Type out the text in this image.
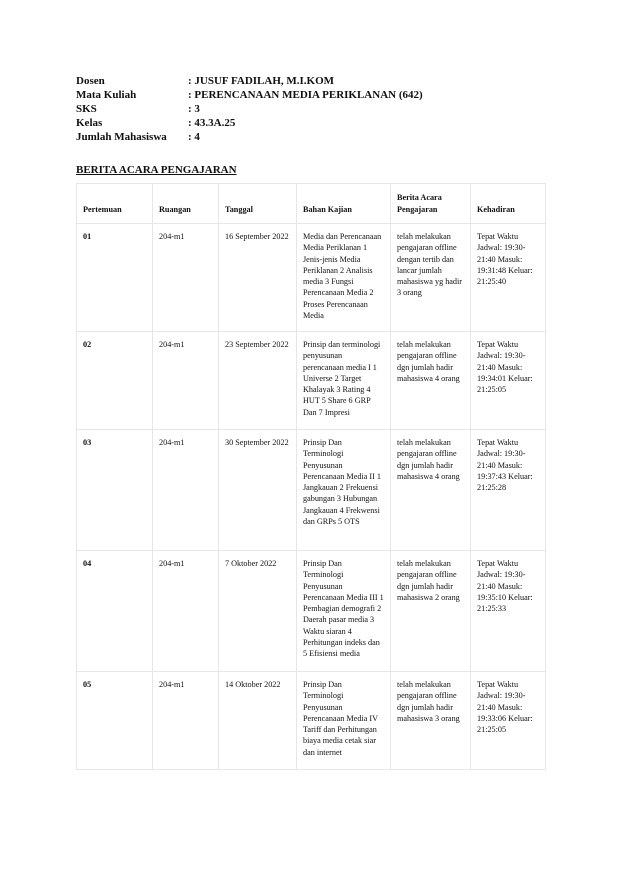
Dosen	: JUSUF FADILAH, M.I.KOM
Mata Kuliah	: PERENCANAAN MEDIA PERIKLANAN (642)
SKS	: 3
Kelas	: 43.3A.25
Jumlah Mahasiswa	: 4
BERITA ACARA PENGAJARAN
Pertemuan	Ruangan	Tanggal	Bahan Kajian	Berita Acara Pengajaran	Kehadiran
01	204-m1	16 September 2022	Media dan Perencanaan Media Periklanan 1 Jenis-jenis Media Periklanan 2 Analisis media 3 Fungsi Perencanaan Media 2 Proses Perencanaan Media	telah melakukan pengajaran offline dengan tertib dan lancar jumlah mahasiswa yg hadir 3 orang	Tepat Waktu Jadwal: 19:30-21:40 Masuk: 19:31:48 Keluar: 21:25:40
02	204-m1	23 September 2022	Prinsip dan terminologi penyusunan perencanaan media I 1 Universe 2 Target Khalayak 3 Rating 4 HUT 5 Share 6 GRP Dan 7 Impresi	telah melakukan pengajaran offline dgn jumlah hadir mahasiswa 4 orang	Tepat Waktu Jadwal: 19:30-21:40 Masuk: 19:34:01 Keluar: 21:25:05
03	204-m1	30 September 2022	Prinsip Dan Terminologi Penyusunan Perencanaan Media II 1 Jangkauan 2 Frekuensi gabungan 3 Hubungan Jangkauan 4 Frekwensi dan GRPs 5 OTS	telah melakukan pengajaran offline dgn jumlah hadir mahasiswa 4 orang	Tepat Waktu Jadwal: 19:30-21:40 Masuk: 19:37:43 Keluar: 21:25:28
04	204-m1	7 Oktober 2022	Prinsip Dan Terminologi Penyusunan Perencanaan Media III 1 Pembagian demografi 2 Daerah pasar media 3 Waktu siaran 4 Perhitungan indeks dan 5 Efisiensi media	telah melakukan pengajaran offline dgn jumlah hadir mahasiswa 2 orang	Tepat Waktu Jadwal: 19:30-21:40 Masuk: 19:35:10 Keluar: 21:25:33
05	204-m1	14 Oktober 2022	Prinsip Dan Terminologi Penyusunan Perencanaan Media IV Tariff dan Perhitungan biaya media cetak siar dan internet	telah melakukan pengajaran offline dgn jumlah hadir mahasiswa 3 orang	Tepat Waktu Jadwal: 19:30-21:40 Masuk: 19:33:06 Keluar: 21:25:05
